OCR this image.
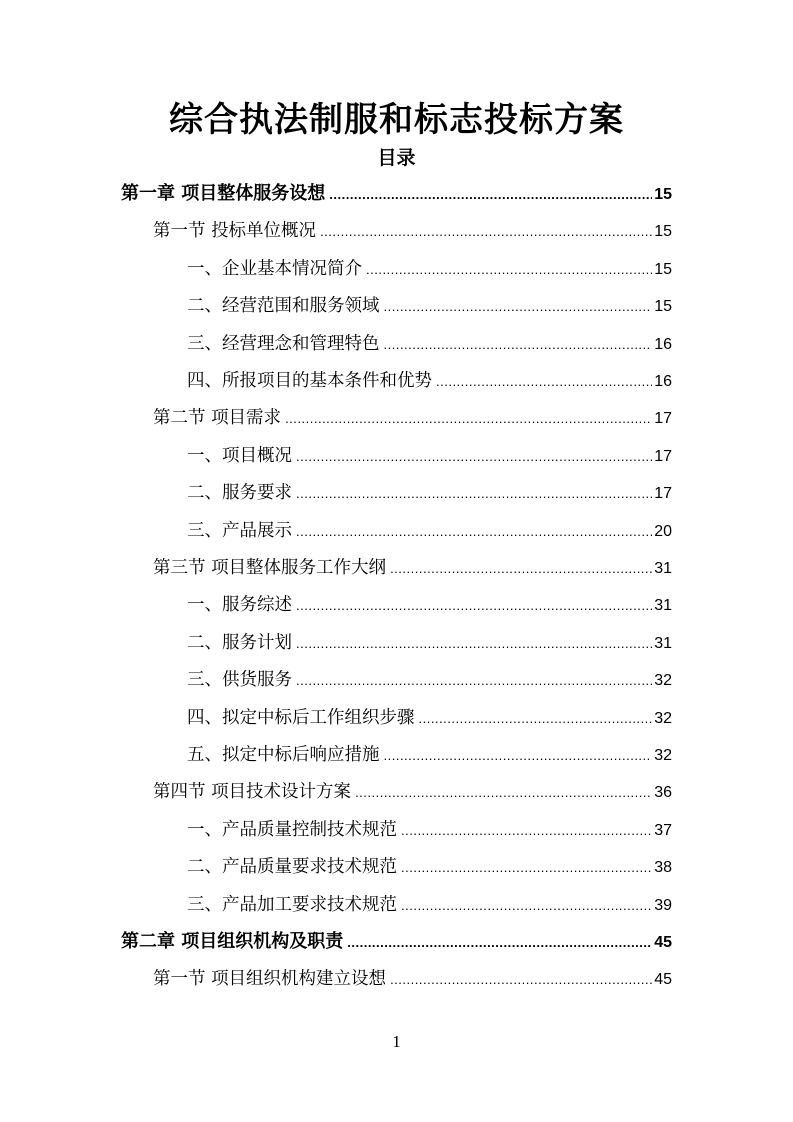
综合执法制服和标志投标方案
目录
第一章 项目整体服务设想 .....	15
第一节 投标单位概况 .....	15
一、企业基本情况简介 .....	15
二、经营范围和服务领域 .....	15
三、经营理念和管理特色 .....	16
四、所报项目的基本条件和优势 .....	16
第二节 项目需求 .....	17
一、项目概况 .....	17
二、服务要求 .....	17
三、产品展示 .....	20
第三节 项目整体服务工作大纲 .....	31
一、服务综述 .....	31
二、服务计划 .....	31
三、供货服务 .....	32
四、拟定中标后工作组织步骤 .....	32
五、拟定中标后响应措施 .....	32
第四节 项目技术设计方案 .....	36
一、产品质量控制技术规范 .....	37
二、产品质量要求技术规范 .....	38
三、产品加工要求技术规范 .....	39
第二章 项目组织机构及职责 .....	45
第一节 项目组织机构建立设想 .....	45
1
